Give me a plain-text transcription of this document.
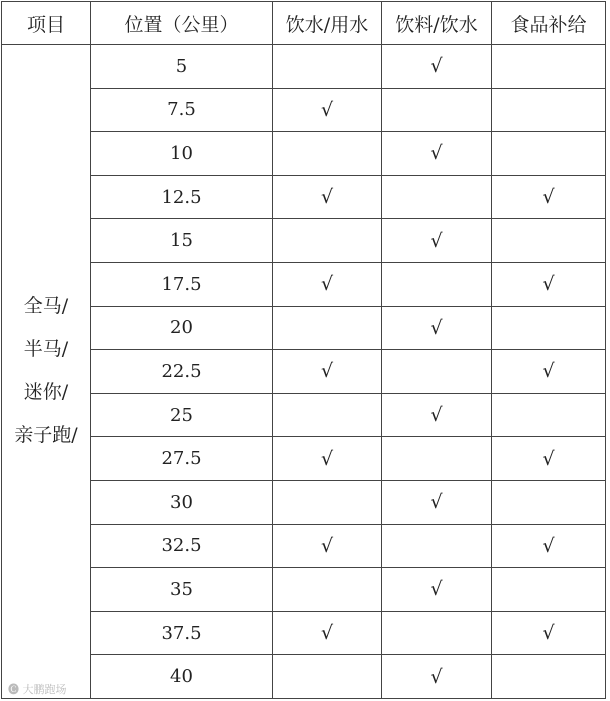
项目	位置（公里）	饮水/用水	饮料/饮水	食品补给

全马/
半马/
迷你/
亲子跑/	5		√	
	7.5	√		
	10		√	
	12.5	√		√
	15		√	
	17.5	√		√
	20		√	
	22.5	√		√
	25		√	
	27.5	√		√
	30		√	
	32.5	√		√
	35		√	
	37.5	√		√
	40		√	
🅒 大鹏跑场
